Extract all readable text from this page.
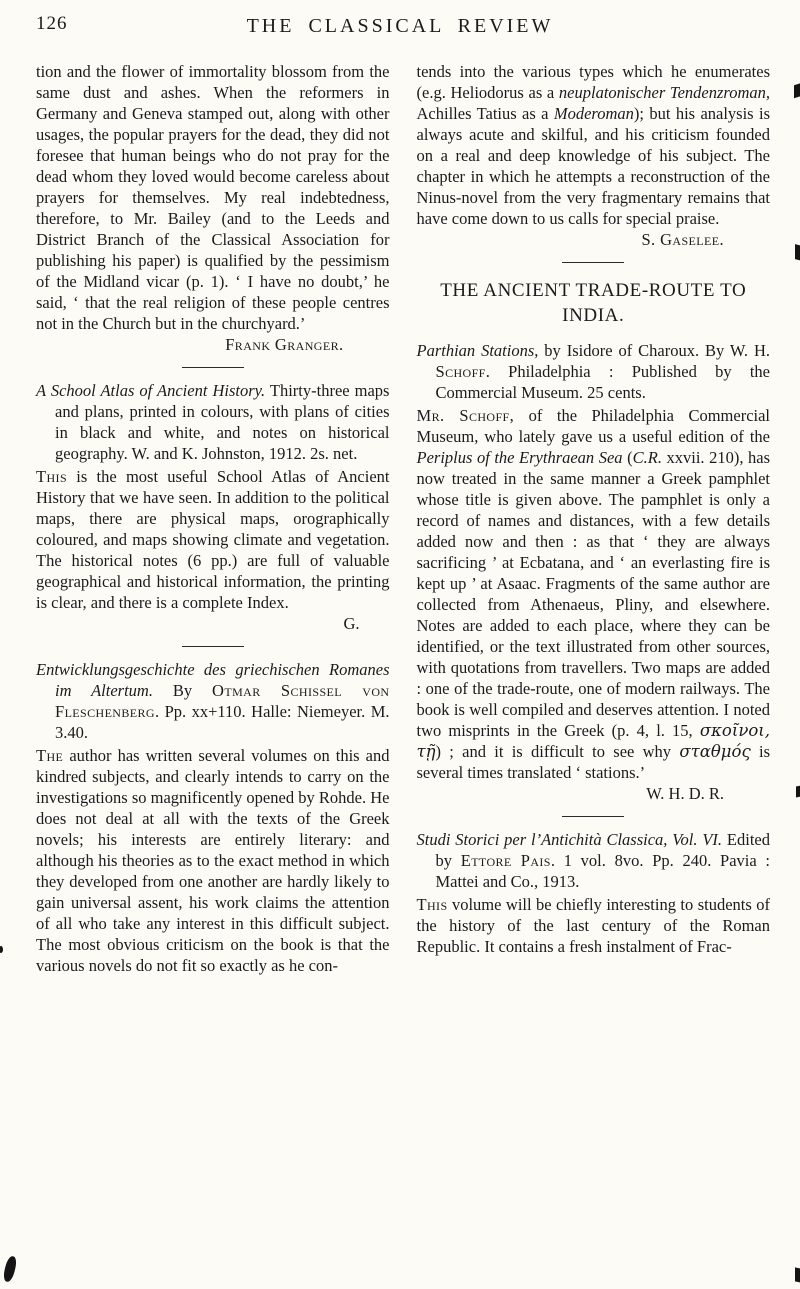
126	THE CLASSICAL REVIEW

tion and the flower of immortality blossom from the same dust and ashes. When the reformers in Germany and Geneva stamped out, along with other usages, the popular prayers for the dead, they did not foresee that human beings who do not pray for the dead whom they loved would become careless about prayers for themselves. My real indebtedness, therefore, to Mr. Bailey (and to the Leeds and District Branch of the Classical Association for publishing his paper) is qualified by the pessimism of the Midland vicar (p. 1). ‘ I have no doubt,’ he said, ‘ that the real religion of these people centres not in the Church but in the churchyard.’

Frank Granger.

A School Atlas of Ancient History. Thirty-three maps and plans, printed in colours, with plans of cities in black and white, and notes on historical geography. W. and K. Johnston, 1912. 2s. net.

This is the most useful School Atlas of Ancient History that we have seen. In addition to the political maps, there are physical maps, orographically coloured, and maps showing climate and vegetation. The historical notes (6 pp.) are full of valuable geographical and historical information, the printing is clear, and there is a complete Index.

G.

Entwicklungsgeschichte des griechischen Romanes im Altertum. By Otmar Schissel von Fleschenberg. Pp. xx+110. Halle: Niemeyer. M. 3.40.

The author has written several volumes on this and kindred subjects, and clearly intends to carry on the investigations so magnificently opened by Rohde. He does not deal at all with the texts of the Greek novels; his interests are entirely literary: and although his theories as to the exact method in which they developed from one another are hardly likely to gain universal assent, his work claims the attention of all who take any interest in this difficult subject. The most obvious criticism on the book is that the various novels do not fit so exactly as he con-

tends into the various types which he enumerates (e.g. Heliodorus as a neuplatonischer Tendenzroman, Achilles Tatius as a Moderoman); but his analysis is always acute and skilful, and his criticism founded on a real and deep knowledge of his subject. The chapter in which he attempts a reconstruction of the Ninus-novel from the very fragmentary remains that have come down to us calls for special praise.

S. Gaselee.

THE ANCIENT TRADE-ROUTE TO INDIA.

Parthian Stations, by Isidore of Charoux. By W. H. Schoff. Philadelphia : Published by the Commercial Museum. 25 cents.

Mr. Schoff, of the Philadelphia Commercial Museum, who lately gave us a useful edition of the Periplus of the Erythraean Sea (C.R. xxvii. 210), has now treated in the same manner a Greek pamphlet whose title is given above. The pamphlet is only a record of names and distances, with a few details added now and then : as that ‘ they are always sacrificing ’ at Ecbatana, and ‘ an everlasting fire is kept up ’ at Asaac. Fragments of the same author are collected from Athenaeus, Pliny, and elsewhere. Notes are added to each place, where they can be identified, or the text illustrated from other sources, with quotations from travellers. Two maps are added : one of the trade-route, one of modern railways. The book is well compiled and deserves attention. I noted two misprints in the Greek (p. 4, l. 15, σκοῖνοι, τῇ) ; and it is difficult to see why σταθμός is several times translated ‘ stations.’

W. H. D. R.

Studi Storici per l’Antichità Classica, Vol. VI. Edited by Ettore Pais. 1 vol. 8vo. Pp. 240. Pavia : Mattei and Co., 1913.

This volume will be chiefly interesting to students of the history of the last century of the Roman Republic. It contains a fresh instalment of Frac-
